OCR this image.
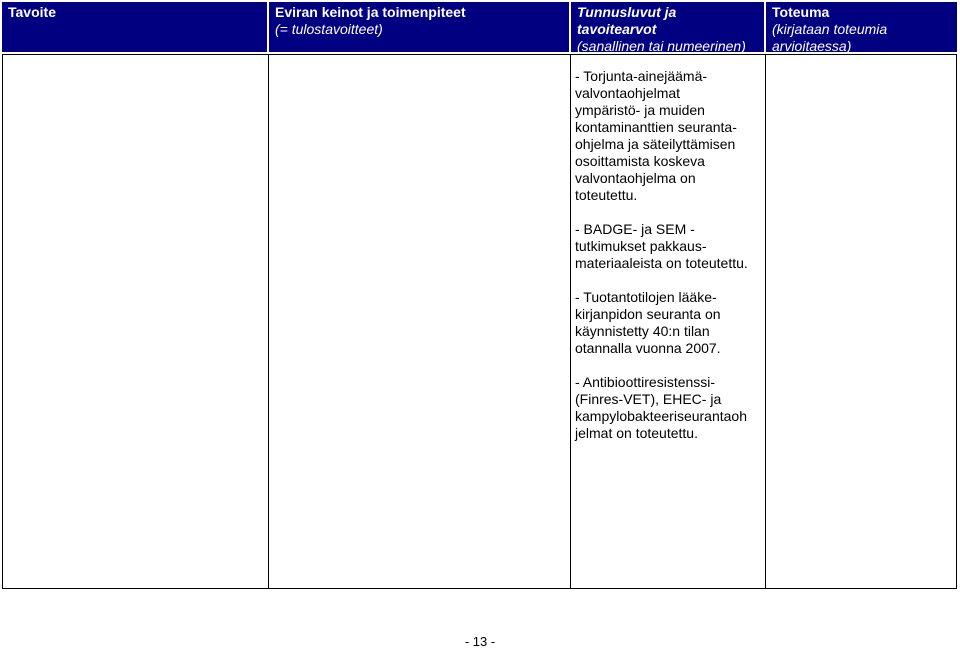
Tavoite	Eviran keinot ja toimenpiteet
(= tulostavoitteet)
Tunnusluvut ja tavoitearvot
(sanallinen tai numeerinen)
Toteuma
(kirjataan toteumia arvioitaessa)

- Torjunta-ainejäämä-
valvontaohjelmat
ympäristö- ja muiden
kontaminanttien seuranta-
ohjelma ja säteilyttämisen
osoittamista koskeva
valvontaohjelma on
toteutettu.

- BADGE- ja SEM -
tutkimukset pakkaus-
materiaaleista on toteutettu.

- Tuotantotilojen lääke-
kirjanpidon seuranta on
käynnistetty 40:n tilan
otannalla vuonna 2007.

- Antibioottiresistenssi-
(Finres-VET), EHEC- ja
kampylobakteeriseurantaoh
jelmat on toteutettu.

- 13 -
